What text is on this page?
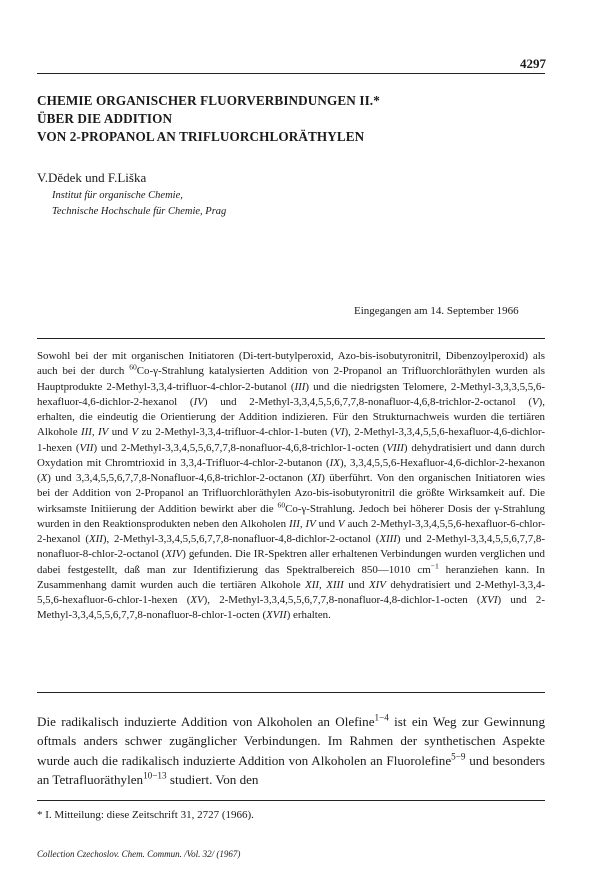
4297
CHEMIE ORGANISCHER FLUORVERBINDUNGEN II.*
ÜBER DIE ADDITION
VON 2-PROPANOL AN TRIFLUORCHLORÄTHYLEN
V.Dědek und F.Liška
Institut für organische Chemie,
Technische Hochschule für Chemie, Prag
Eingegangen am 14. September 1966
Sowohl bei der mit organischen Initiatoren (Di-tert-butylperoxid, Azo-bis-isobutyronitril, Dibenzoylperoxid) als auch bei der durch $^{60}$Co-γ-Strahlung katalysierten Addition von 2-Propanol an Trifluorchloräthylen wurden als Hauptprodukte 2-Methyl-3,3,4-trifluor-4-chlor-2-butanol (III) und die niedrigsten Telomere, 2-Methyl-3,3,3,5,5,6-hexafluor-4,6-dichlor-2-hexanol (IV) und 2-Methyl-3,3,4,5,5,6,7,7,8-nonafluor-4,6,8-trichlor-2-octanol (V), erhalten, die eindeutig die Orientierung der Addition indizieren. Für den Strukturnachweis wurden die tertiären Alkohole III, IV und V zu 2-Methyl-3,3,4-trifluor-4-chlor-1-buten (VI), 2-Methyl-3,3,4,5,5,6-hexafluor-4,6-dichlor-1-hexen (VII) und 2-Methyl-3,3,4,5,5,6,7,7,8-nonafluor-4,6,8-trichlor-1-octen (VIII) dehydratisiert und dann durch Oxydation mit Chromtrioxid in 3,3,4-Trifluor-4-chlor-2-butanon (IX), 3,3,4,5,5,6-Hexafluor-4,6-dichlor-2-hexanon (X) und 3,3,4,5,5,6,7,7,8-Nonafluor-4,6,8-trichlor-2-octanon (XI) überführt. Von den organischen Initiatoren wies bei der Addition von 2-Propanol an Trifluorchloräthylen Azo-bis-isobutyronitril die größte Wirksamkeit auf. Die wirksamste Initiierung der Addition bewirkt aber die $^{60}$Co-γ-Strahlung. Jedoch bei höherer Dosis der γ-Strahlung wurden in den Reaktionsprodukten neben den Alkoholen III, IV und V auch 2-Methyl-3,3,4,5,5,6-hexafluor-6-chlor-2-hexanol (XII), 2-Methyl-3,3,4,5,5,6,7,7,8-nonafluor-4,8-dichlor-2-octanol (XIII) und 2-Methyl-3,3,4,5,5,6,7,7,8-nonafluor-8-chlor-2-octanol (XIV) gefunden. Die IR-Spektren aller erhaltenen Verbindungen wurden verglichen und dabei festgestellt, daß man zur Identifizierung das Spektralbereich 850—1010 $cm^{-1}$ heranziehen kann. In Zusammenhang damit wurden auch die tertiären Alkohole XII, XIII und XIV dehydratisiert und 2-Methyl-3,3,4-5,5,6-hexafluor-6-chlor-1-hexen (XV), 2-Methyl-3,3,4,5,5,6,7,7,8-nonafluor-4,8-dichlor-1-octen (XVI) und 2-Methyl-3,3,4,5,5,6,7,7,8-nonafluor-8-chlor-1-octen (XVII) erhalten.
Die radikalisch induzierte Addition von Alkoholen an Olefine$^{1-4}$ ist ein Weg zur Gewinnung oftmals anders schwer zugänglicher Verbindungen. Im Rahmen der synthetischen Aspekte wurde auch die radikalisch induzierte Addition von Alkoholen an Fluorolefine$^{5-9}$ und besonders an Tetrafluoräthylen$^{10-13}$ studiert. Von den
* I. Mitteilung: diese Zeitschrift 31, 2727 (1966).
Collection Czechoslov. Chem. Commun. /Vol. 32/ (1967)
